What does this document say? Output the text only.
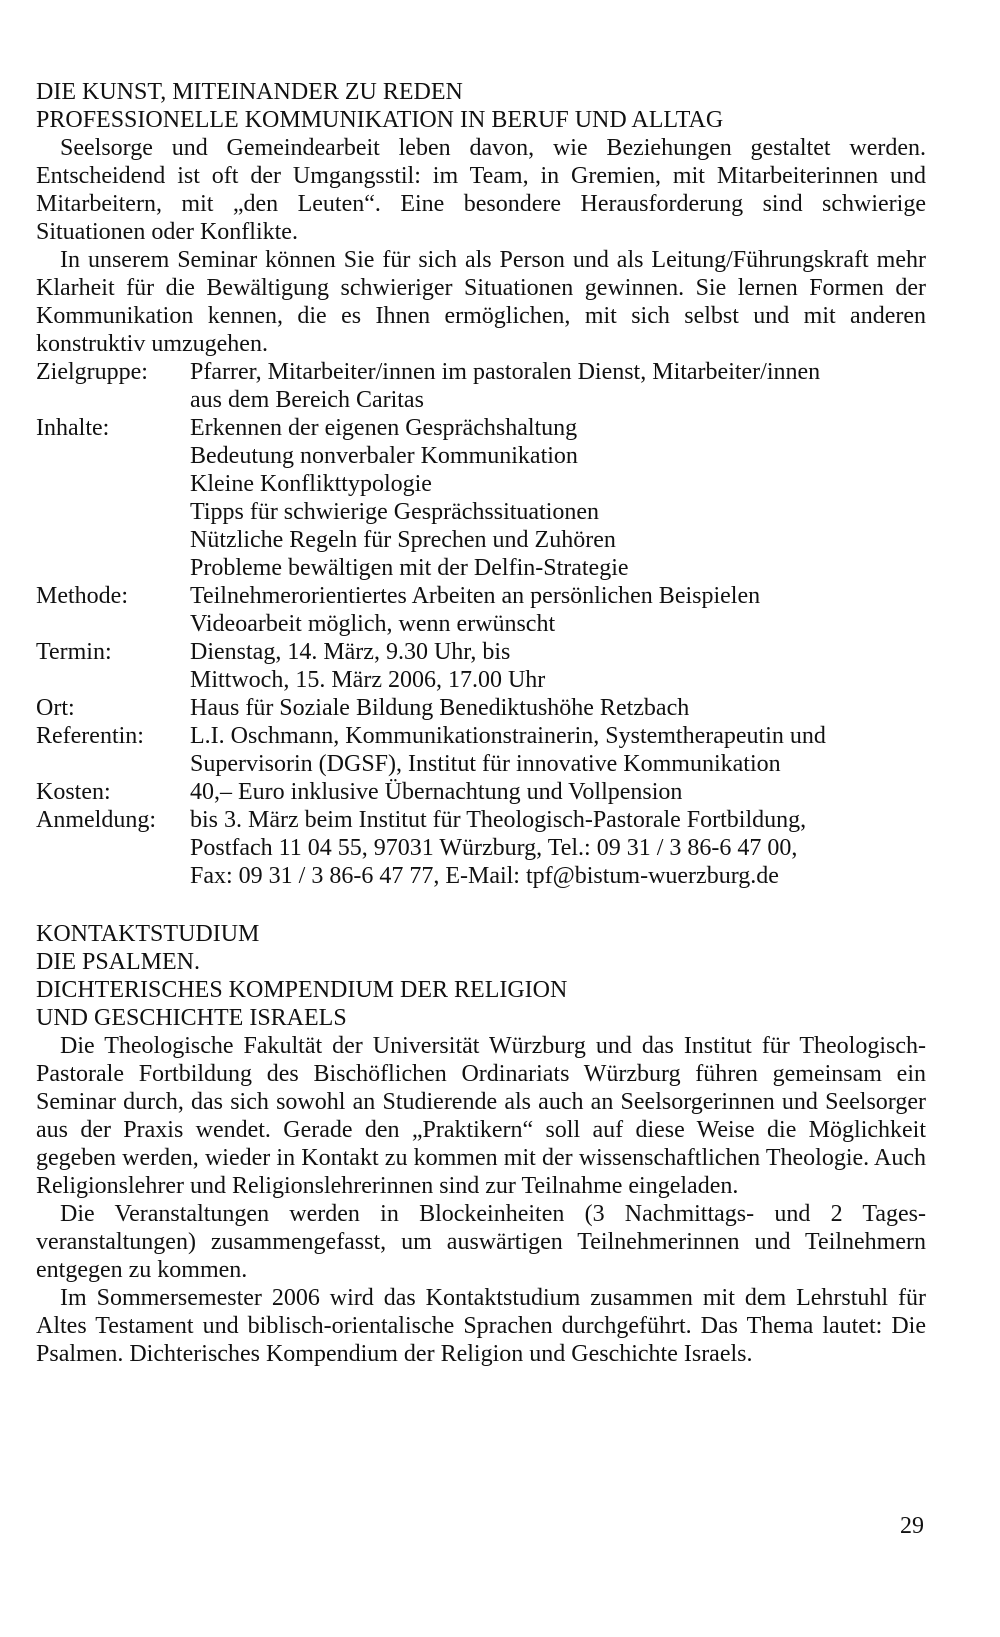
DIE KUNST, MITEINANDER ZU REDEN

PROFESSIONELLE KOMMUNIKATION IN BERUF UND ALLTAG

Seelsorge und Gemeindearbeit leben davon, wie Beziehungen gestaltet werden. Entscheidend ist oft der Umgangsstil: im Team, in Gremien, mit Mitarbeiterinnen und Mitarbeitern, mit „den Leuten“. Eine besondere Herausforderung sind schwierige Situationen oder Konflikte.

In unserem Seminar können Sie für sich als Person und als Leitung/Führungskraft mehr Klarheit für die Bewältigung schwieriger Situationen gewinnen. Sie lernen Formen der Kommunikation kennen, die es Ihnen ermöglichen, mit sich selbst und mit anderen konstruktiv umzugehen.

Zielgruppe:	Pfarrer, Mitarbeiter/innen im pastoralen Dienst, Mitarbeiter/innen
aus dem Bereich Caritas
Inhalte:	Erkennen der eigenen Gesprächshaltung
Bedeutung nonverbaler Kommunikation
Kleine Konflikttypologie
Tipps für schwierige Gesprächssituationen
Nützliche Regeln für Sprechen und Zuhören
Probleme bewältigen mit der Delfin-Strategie
Methode:	Teilnehmerorientiertes Arbeiten an persönlichen Beispielen
Videoarbeit möglich, wenn erwünscht
Termin:	Dienstag, 14. März, 9.30 Uhr, bis
Mittwoch, 15. März 2006, 17.00 Uhr
Ort:	Haus für Soziale Bildung Benediktushöhe Retzbach
Referentin:	L.I. Oschmann, Kommunikationstrainerin, Systemtherapeutin und
Supervisorin (DGSF), Institut für innovative Kommunikation
Kosten:	40,– Euro inklusive Übernachtung und Vollpension
Anmeldung:	bis 3. März beim Institut für Theologisch-Pastorale Fortbildung,
Postfach 11 04 55, 97031 Würzburg, Tel.: 09 31 / 3 86-6 47 00,
Fax: 09 31 / 3 86-6 47 77, E-Mail: tpf@bistum-wuerzburg.de

KONTAKTSTUDIUM

DIE PSALMEN.

DICHTERISCHES KOMPENDIUM DER RELIGION

UND GESCHICHTE ISRAELS

Die Theologische Fakultät der Universität Würzburg und das Institut für Theologisch-Pastorale Fortbildung des Bischöflichen Ordinariats Würzburg führen gemeinsam ein Seminar durch, das sich sowohl an Studierende als auch an Seelsorgerinnen und Seelsorger aus der Praxis wendet. Gerade den „Praktikern“ soll auf diese Weise die Möglichkeit gegeben werden, wieder in Kontakt zu kommen mit der wissenschaftlichen Theologie. Auch Religionslehrer und Religionslehrerinnen sind zur Teilnahme eingeladen.

Die Veranstaltungen werden in Blockeinheiten (3 Nachmittags- und 2 Tagesveranstaltungen) zusammengefasst, um auswärtigen Teilnehmerinnen und Teilnehmern entgegen zu kommen.

Im Sommersemester 2006 wird das Kontaktstudium zusammen mit dem Lehrstuhl für Altes Testament und biblisch-orientalische Sprachen durchgeführt. Das Thema lautet: Die Psalmen. Dichterisches Kompendium der Religion und Geschichte Israels.

29
